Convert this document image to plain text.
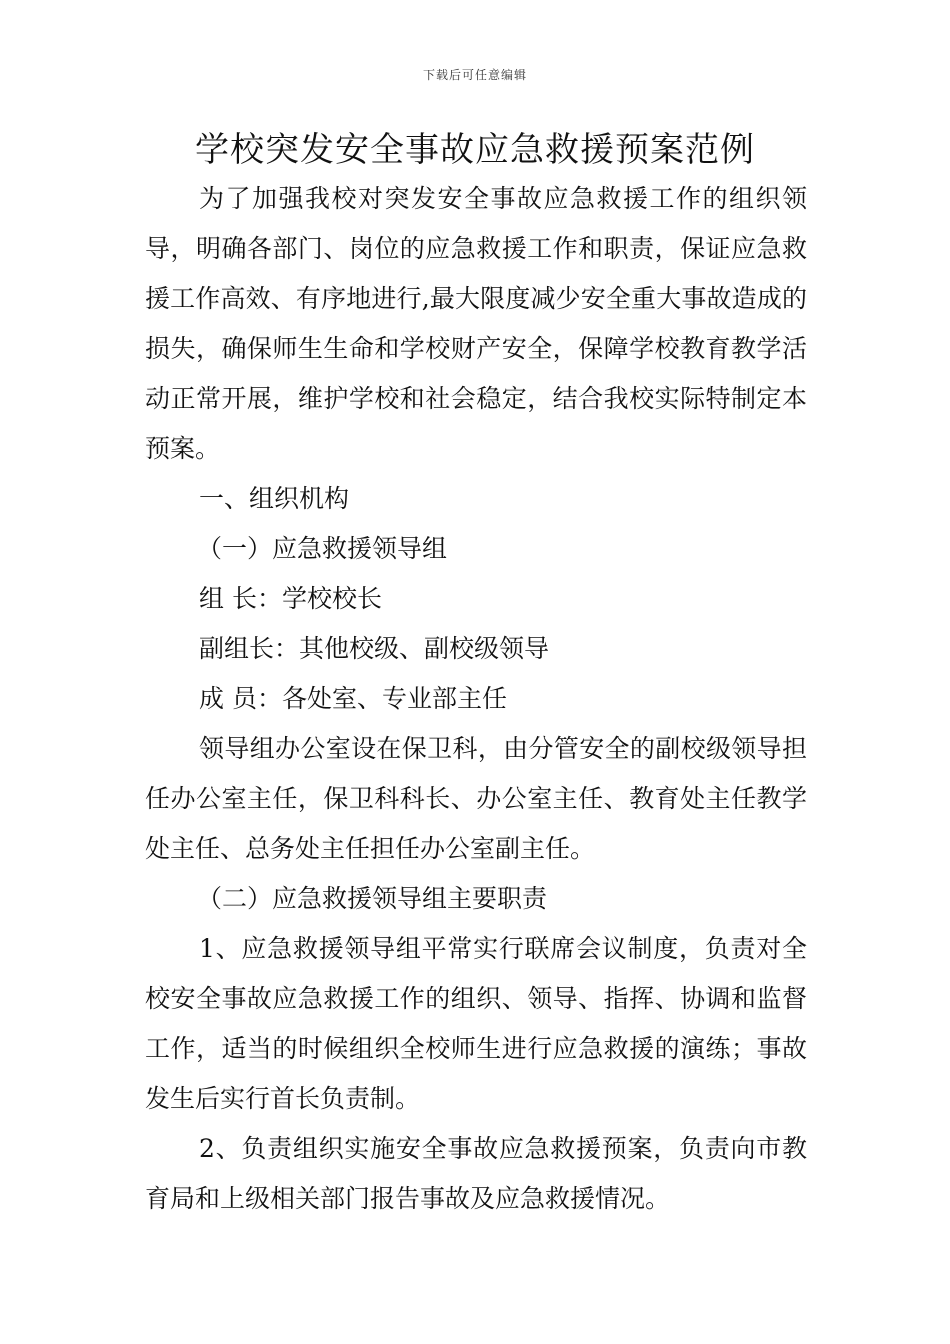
下载后可任意编辑
学校突发安全事故应急救援预案范例

为了加强我校对突发安全事故应急救援工作的组织领导，明确各部门、岗位的应急救援工作和职责，保证应急救援工作高效、有序地进行,最大限度减少安全重大事故造成的损失，确保师生生命和学校财产安全，保障学校教育教学活动正常开展，维护学校和社会稳定，结合我校实际特制定本预案。

一、组织机构

（一）应急救援领导组

组 长：学校校长

副组长：其他校级、副校级领导

成 员：各处室、专业部主任

领导组办公室设在保卫科，由分管安全的副校级领导担任办公室主任，保卫科科长、办公室主任、教育处主任教学处主任、总务处主任担任办公室副主任。

（二）应急救援领导组主要职责

1、应急救援领导组平常实行联席会议制度，负责对全校安全事故应急救援工作的组织、领导、指挥、协调和监督工作，适当的时候组织全校师生进行应急救援的演练；事故发生后实行首长负责制。

2、负责组织实施安全事故应急救援预案，负责向市教育局和上级相关部门报告事故及应急救援情况。
